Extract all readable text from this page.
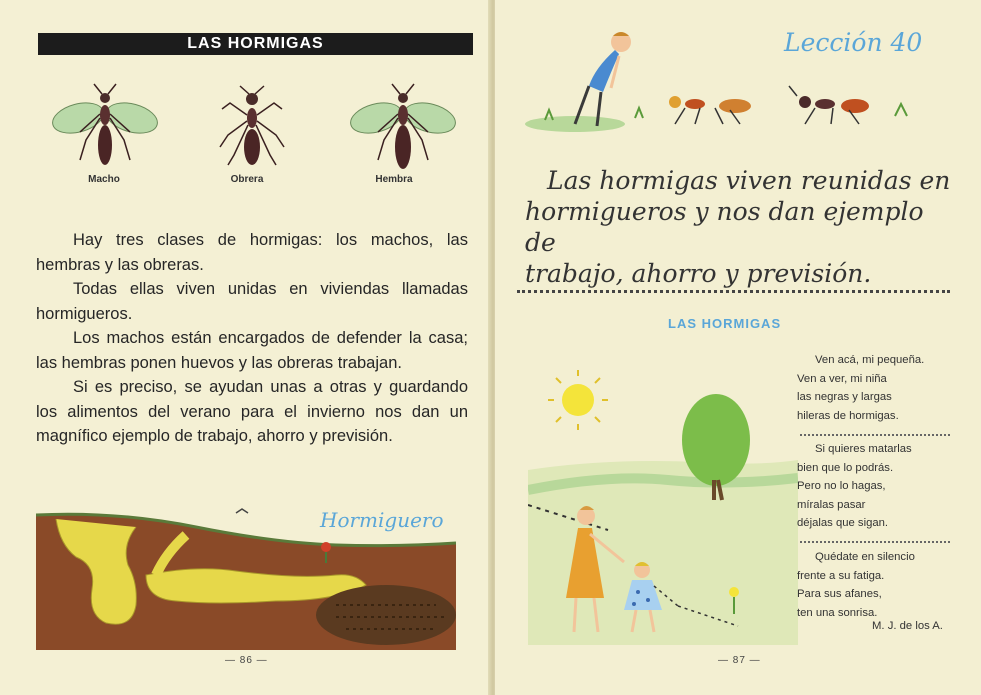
LAS HORMIGAS
Macho	Obrera	Hembra

Hay tres clases de hormigas: los machos, las hembras y las obreras.

Todas ellas viven unidas en viviendas llamadas hormigueros.

Los machos están encargados de defender la casa; las hembras ponen huevos y las obreras trabajan.

Si es preciso, se ayudan unas a otras y guardando los alimentos del verano para el invierno nos dan un magnífico ejemplo de trabajo, ahorro y previsión.

Hormiguero
— 86 —
Lección 40
Las hormigas viven reunidas en
hormigueros y nos dan ejemplo de
trabajo, ahorro y previsión.
LAS HORMIGAS
Ven acá, mi pequeña.
Ven a ver, mi niña
las negras y largas
hileras de hormigas.
Si quieres matarlas
bien que lo podrás.
Pero no lo hagas,
míralas pasar
déjalas que sigan.
Quédate en silencio
frente a su fatiga.
Para sus afanes,
ten una sonrisa.
M. J. de los A.
— 87 —
